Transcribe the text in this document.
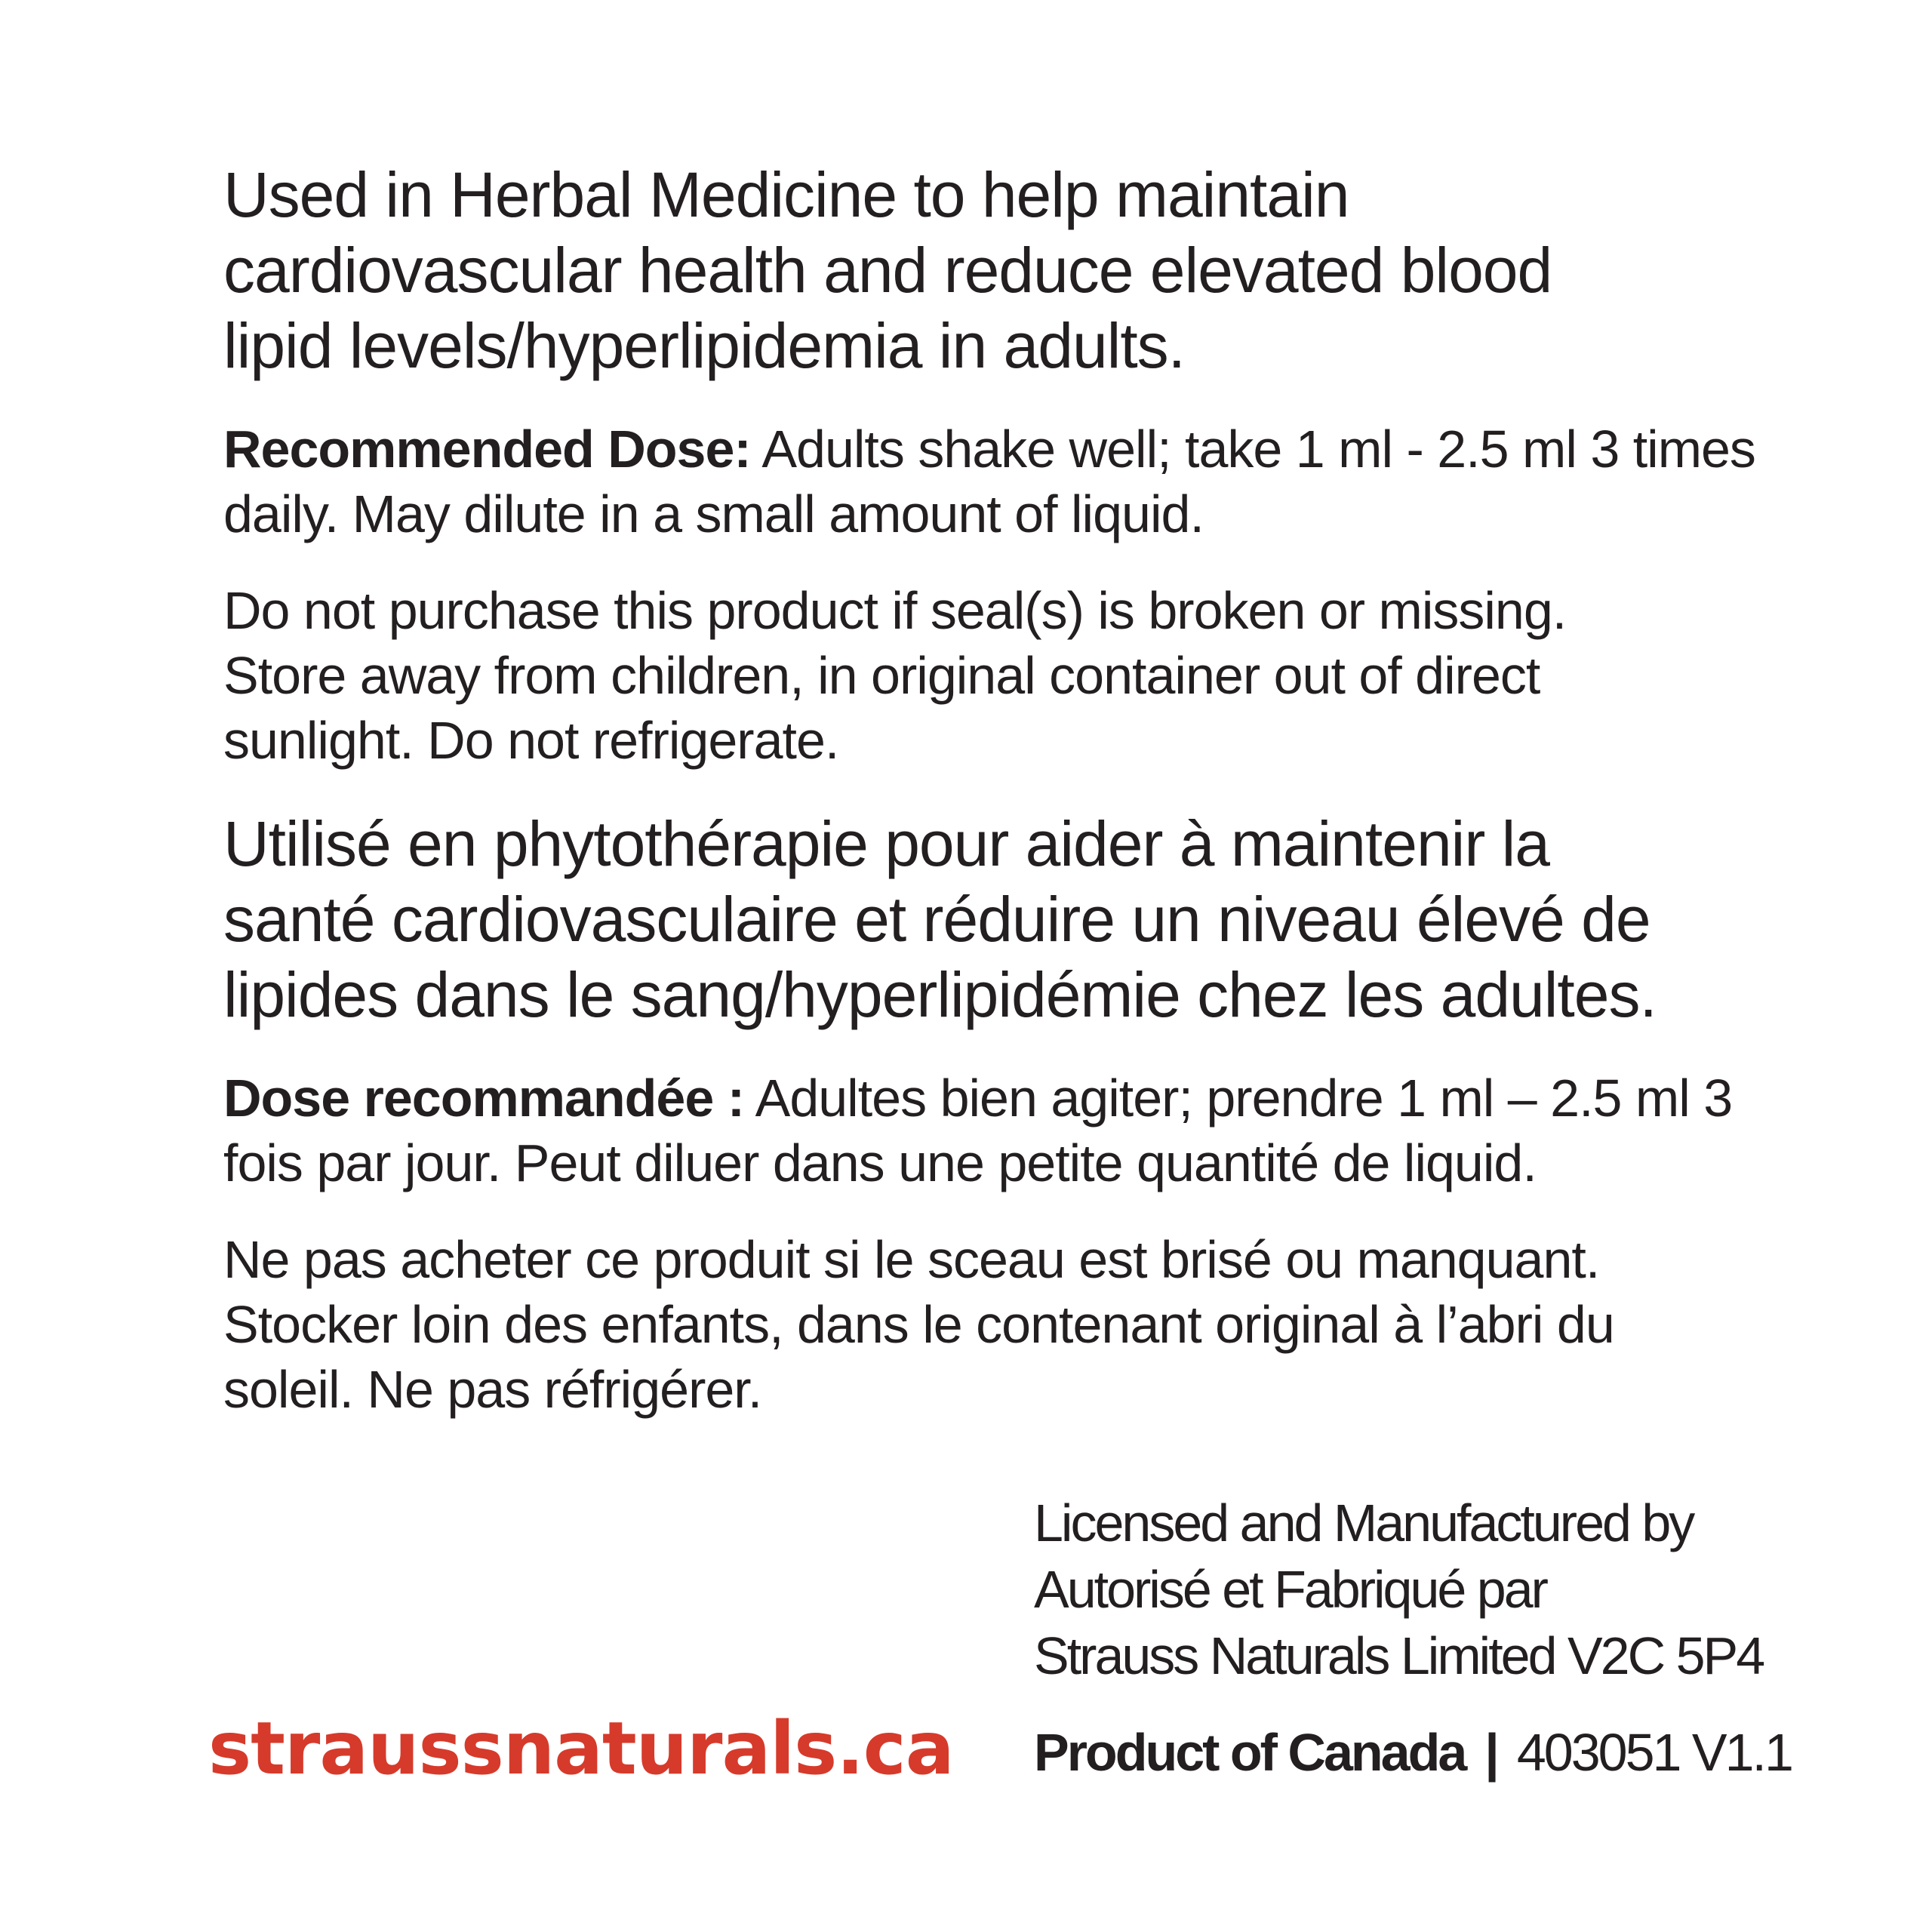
Used in Herbal Medicine to help maintain
cardiovascular health and reduce elevated blood
lipid levels/hyperlipidemia in adults.

Recommended Dose: Adults shake well; take 1 ml - 2.5 ml 3 times
daily. May dilute in a small amount of liquid.

Do not purchase this product if seal(s) is broken or missing.
Store away from children, in original container out of direct
sunlight. Do not refrigerate.

Utilisé en phytothérapie pour aider à maintenir la
santé cardiovasculaire et réduire un niveau élevé de
lipides dans le sang/hyperlipidémie chez les adultes.

Dose recommandée : Adultes bien agiter; prendre 1 ml – 2.5 ml 3
fois par jour. Peut diluer dans une petite quantité de liquid.

Ne pas acheter ce produit si le sceau est brisé ou manquant.
Stocker loin des enfants, dans le contenant original à l’abri du
soleil. Ne pas réfrigérer.

Licensed and Manufactured by

Autorisé et Fabriqué par

Strauss Naturals Limited V2C 5P4

Product of Canada | 403051 V1.1
straussnaturals.ca
